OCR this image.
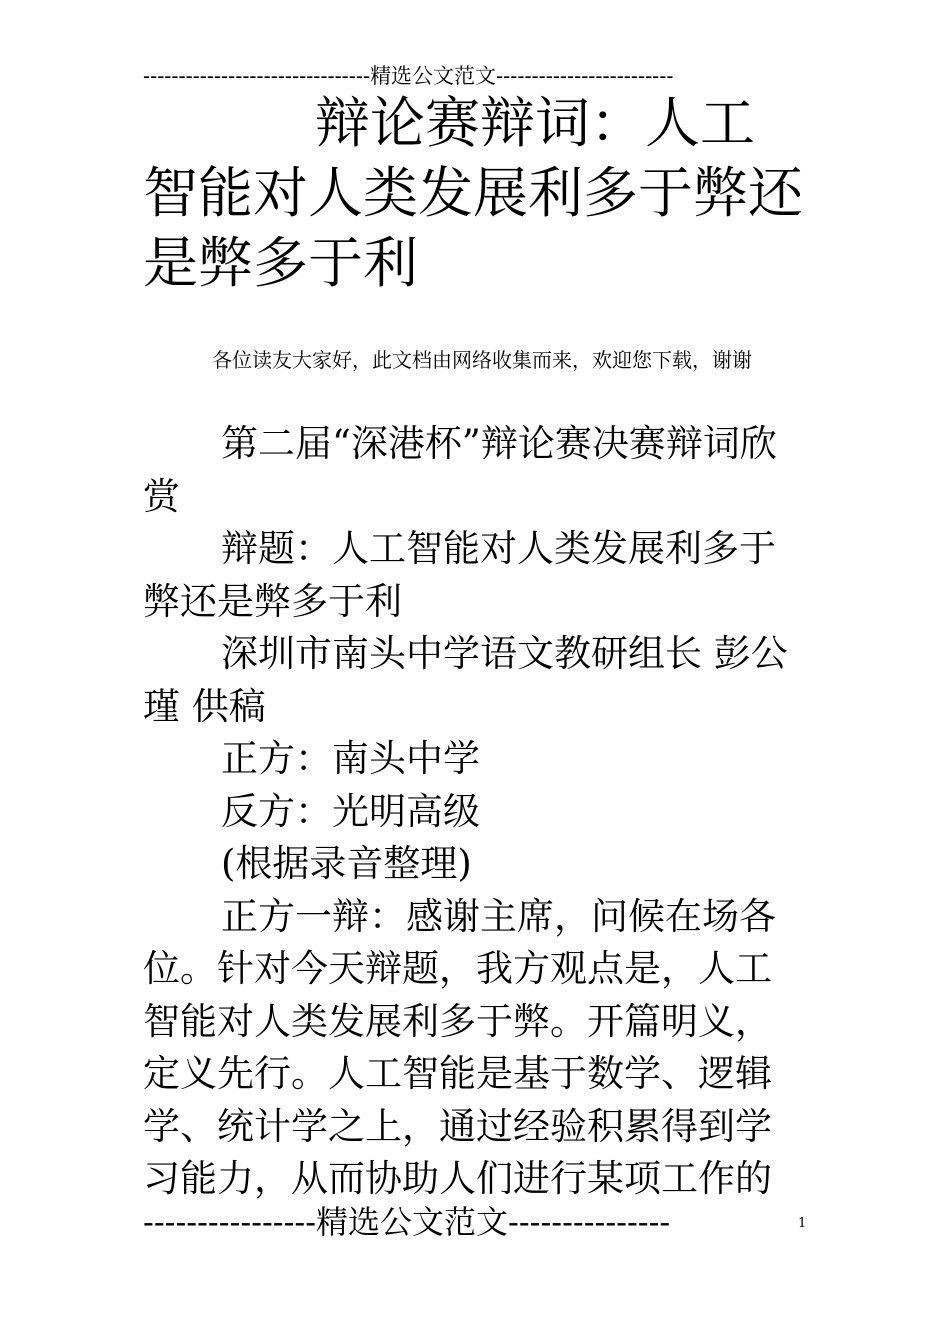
--------------------------------精选公文范文-------------------------
辩论赛辩词：人工智能对人类发展利多于弊还是弊多于利
各位读友大家好，此文档由网络收集而来，欢迎您下载，谢谢

第二届“深港杯”辩论赛决赛辩词欣赏

辩题：人工智能对人类发展利多于弊还是弊多于利

深圳市南头中学语文教研组长 彭公瑾 供稿

正方：南头中学

反方：光明高级

(根据录音整理)

正方一辩：感谢主席，问候在场各位。针对今天辩题，我方观点是，人工智能对人类发展利多于弊。开篇明义，定义先行。人工智能是基于数学、逻辑学、统计学之上，通过经验积累得到学习能力，从而协助人们进行某项工作的

----------------精选公文范文---------------	1
